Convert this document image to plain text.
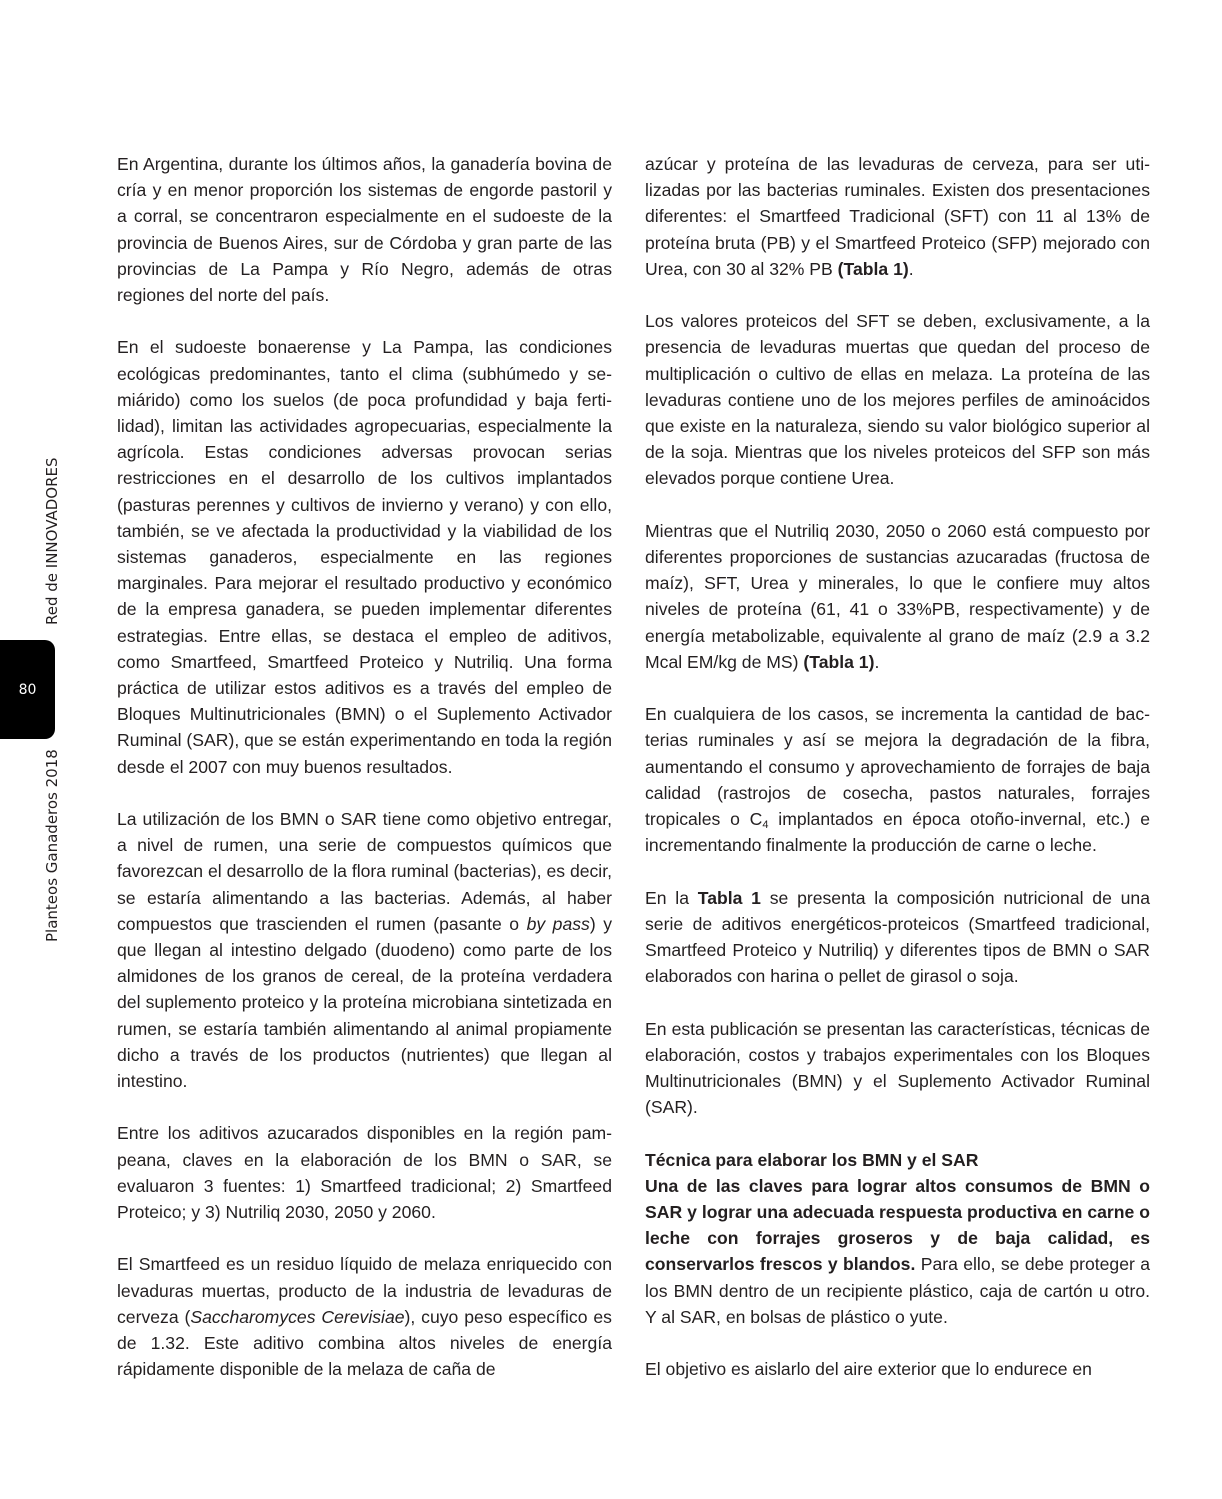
Red de INNOVADORES
80
Planteos Ganaderos 2018

En Argentina, durante los últimos años, la ganadería bovina de cría y en menor proporción los sistemas de engorde pastoril y a corral, se concentraron especialmente en el sudoeste de la provincia de Buenos Aires, sur de Córdoba y gran parte de las provincias de La Pampa y Río Negro, además de otras regiones del norte del país.

En el sudoeste bonaerense y La Pampa, las condiciones ecológicas predominantes, tanto el clima (subhúmedo y semiárido) como los suelos (de poca profundidad y baja fertilidad), limitan las actividades agropecuarias, especialmente la agrícola. Estas condiciones adversas provocan serias restricciones en el desarrollo de los cultivos implantados (pasturas perennes y cultivos de invierno y verano) y con ello, también, se ve afectada la productividad y la viabilidad de los sistemas ganaderos, especialmente en las regiones marginales. Para mejorar el resultado productivo y económico de la empresa ganadera, se pueden implementar diferentes estrategias. Entre ellas, se destaca el empleo de aditivos, como Smartfeed, Smartfeed Proteico y Nutriliq. Una forma práctica de utilizar estos aditivos es a través del empleo de Bloques Multinutricionales (BMN) o el Suplemento Activador Ruminal (SAR), que se están experimentando en toda la región desde el 2007 con muy buenos resultados.

La utilización de los BMN o SAR tiene como objetivo entregar, a nivel de rumen, una serie de compuestos químicos que favorezcan el desarrollo de la flora ruminal (bacterias), es decir, se estaría alimentando a las bacterias. Además, al haber compuestos que trascienden el rumen (pasante o by pass) y que llegan al intestino delgado (duodeno) como parte de los almidones de los granos de cereal, de la proteína verdadera del suplemento proteico y la proteína microbiana sintetizada en rumen, se estaría también alimentando al animal propiamente dicho a través de los productos (nutrientes) que llegan al intestino.

Entre los aditivos azucarados disponibles en la región pampeana, claves en la elaboración de los BMN o SAR, se evaluaron 3 fuentes: 1) Smartfeed tradicional; 2) Smartfeed Proteico; y 3) Nutriliq 2030, 2050 y 2060.

El Smartfeed es un residuo líquido de melaza enriquecido con levaduras muertas, producto de la industria de levaduras de cerveza (Saccharomyces Cerevisiae), cuyo peso específico es de 1.32. Este aditivo combina altos niveles de energía rápidamente disponible de la melaza de caña de

azúcar y proteína de las levaduras de cerveza, para ser utilizadas por las bacterias ruminales. Existen dos presentaciones diferentes: el Smartfeed Tradicional (SFT) con 11 al 13% de proteína bruta (PB) y el Smartfeed Proteico (SFP) mejorado con Urea, con 30 al 32% PB (Tabla 1).

Los valores proteicos del SFT se deben, exclusivamente, a la presencia de levaduras muertas que quedan del proceso de multiplicación o cultivo de ellas en melaza. La proteína de las levaduras contiene uno de los mejores perfiles de aminoácidos que existe en la naturaleza, siendo su valor biológico superior al de la soja. Mientras que los niveles proteicos del SFP son más elevados porque contiene Urea.

Mientras que el Nutriliq 2030, 2050 o 2060 está compuesto por diferentes proporciones de sustancias azucaradas (fructosa de maíz), SFT, Urea y minerales, lo que le confiere muy altos niveles de proteína (61, 41 o 33%PB, respectivamente) y de energía metabolizable, equivalente al grano de maíz (2.9 a 3.2 Mcal EM/kg de MS) (Tabla 1).

En cualquiera de los casos, se incrementa la cantidad de bacterias ruminales y así se mejora la degradación de la fibra, aumentando el consumo y aprovechamiento de forrajes de baja calidad (rastrojos de cosecha, pastos naturales, forrajes tropicales o $C_4$ implantados en época otoño-invernal, etc.) e incrementando finalmente la producción de carne o leche.

En la Tabla 1 se presenta la composición nutricional de una serie de aditivos energéticos-proteicos (Smartfeed tradicional, Smartfeed Proteico y Nutriliq) y diferentes tipos de BMN o SAR elaborados con harina o pellet de girasol o soja.

En esta publicación se presentan las características, técnicas de elaboración, costos y trabajos experimentales con los Bloques Multinutricionales (BMN) y el Suplemento Activador Ruminal (SAR).

Técnica para elaborar los BMN y el SAR

Una de las claves para lograr altos consumos de BMN o SAR y lograr una adecuada respuesta productiva en carne o leche con forrajes groseros y de baja calidad, es conservarlos frescos y blandos. Para ello, se debe proteger a los BMN dentro de un recipiente plástico, caja de cartón u otro. Y al SAR, en bolsas de plástico o yute.

El objetivo es aislarlo del aire exterior que lo endurece en
